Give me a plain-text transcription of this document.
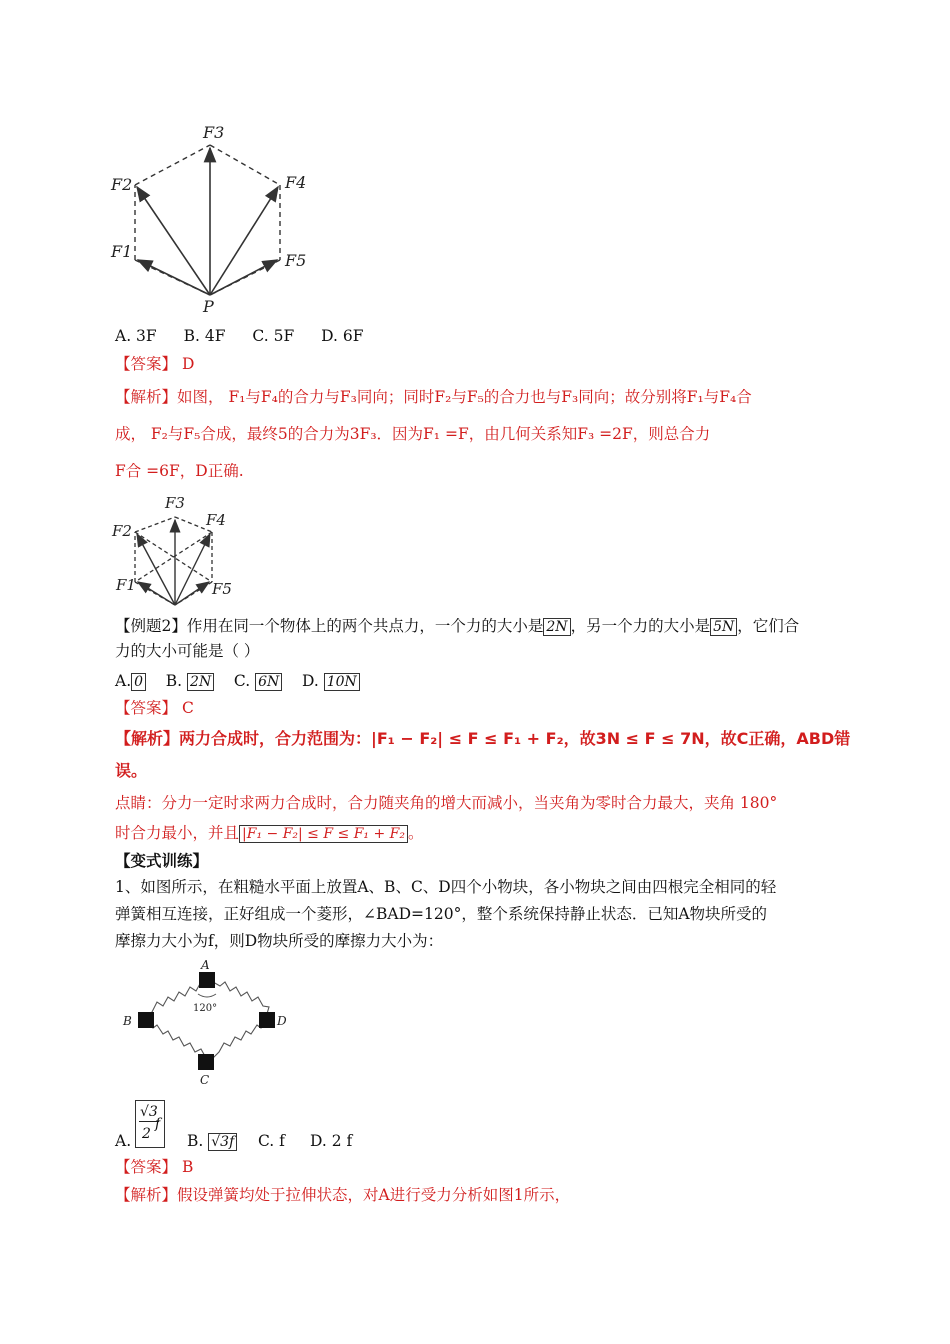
F3
F2	F4
F1	F5
P
A. 3F B. 4F C. 5F D. 6F
【答案】 D
【解析】如图， F₁与F₄的合力与F₃同向；同时F₂与F₅的合力也与F₃同向；故分别将F₁与F₄合
成， F₂与F₅合成，最终5的合力为3F₃．因为F₁ =F，由几何关系知F₃ =2F，则总合力
F合 =6F，D正确.
F3
F2
F4
F1	F5
【例题2】作用在同一个物体上的两个共点力，一个力的大小是 2N ，另一个力的大小是 5N ，它们合
力的大小可能是（ ）
A. 0 B. 2N C. 6N D. 10N
【答案】 C
【解析】两力合成时，合力范围为：|F₁ − F₂| ≤ F ≤ F₁ + F₂，故3N ≤ F ≤ 7N，故C正确，ABD错
误。
点睛：分力一定时求两力合成时，合力随夹角的增大而减小，当夹角为零时合力最大，夹角 180°
时合力最小，并且 |F₁ − F₂| ≤ F ≤ F₁ + F₂ 。
【变式训练】
1、如图所示，在粗糙水平面上放置A、B、C、D四个小物块，各小物块之间由四根完全相同的轻
弹簧相互连接，正好组成一个菱形，∠BAD=120°，整个系统保持静止状态．已知A物块所受的
摩擦力大小为f，则D物块所受的摩擦力大小为：
A
B
C
D
120°
A.
√3
2
f
B. √3f C. f D. 2 f
【答案】 B
【解析】假设弹簧均处于拉伸状态，对A进行受力分析如图1所示，
